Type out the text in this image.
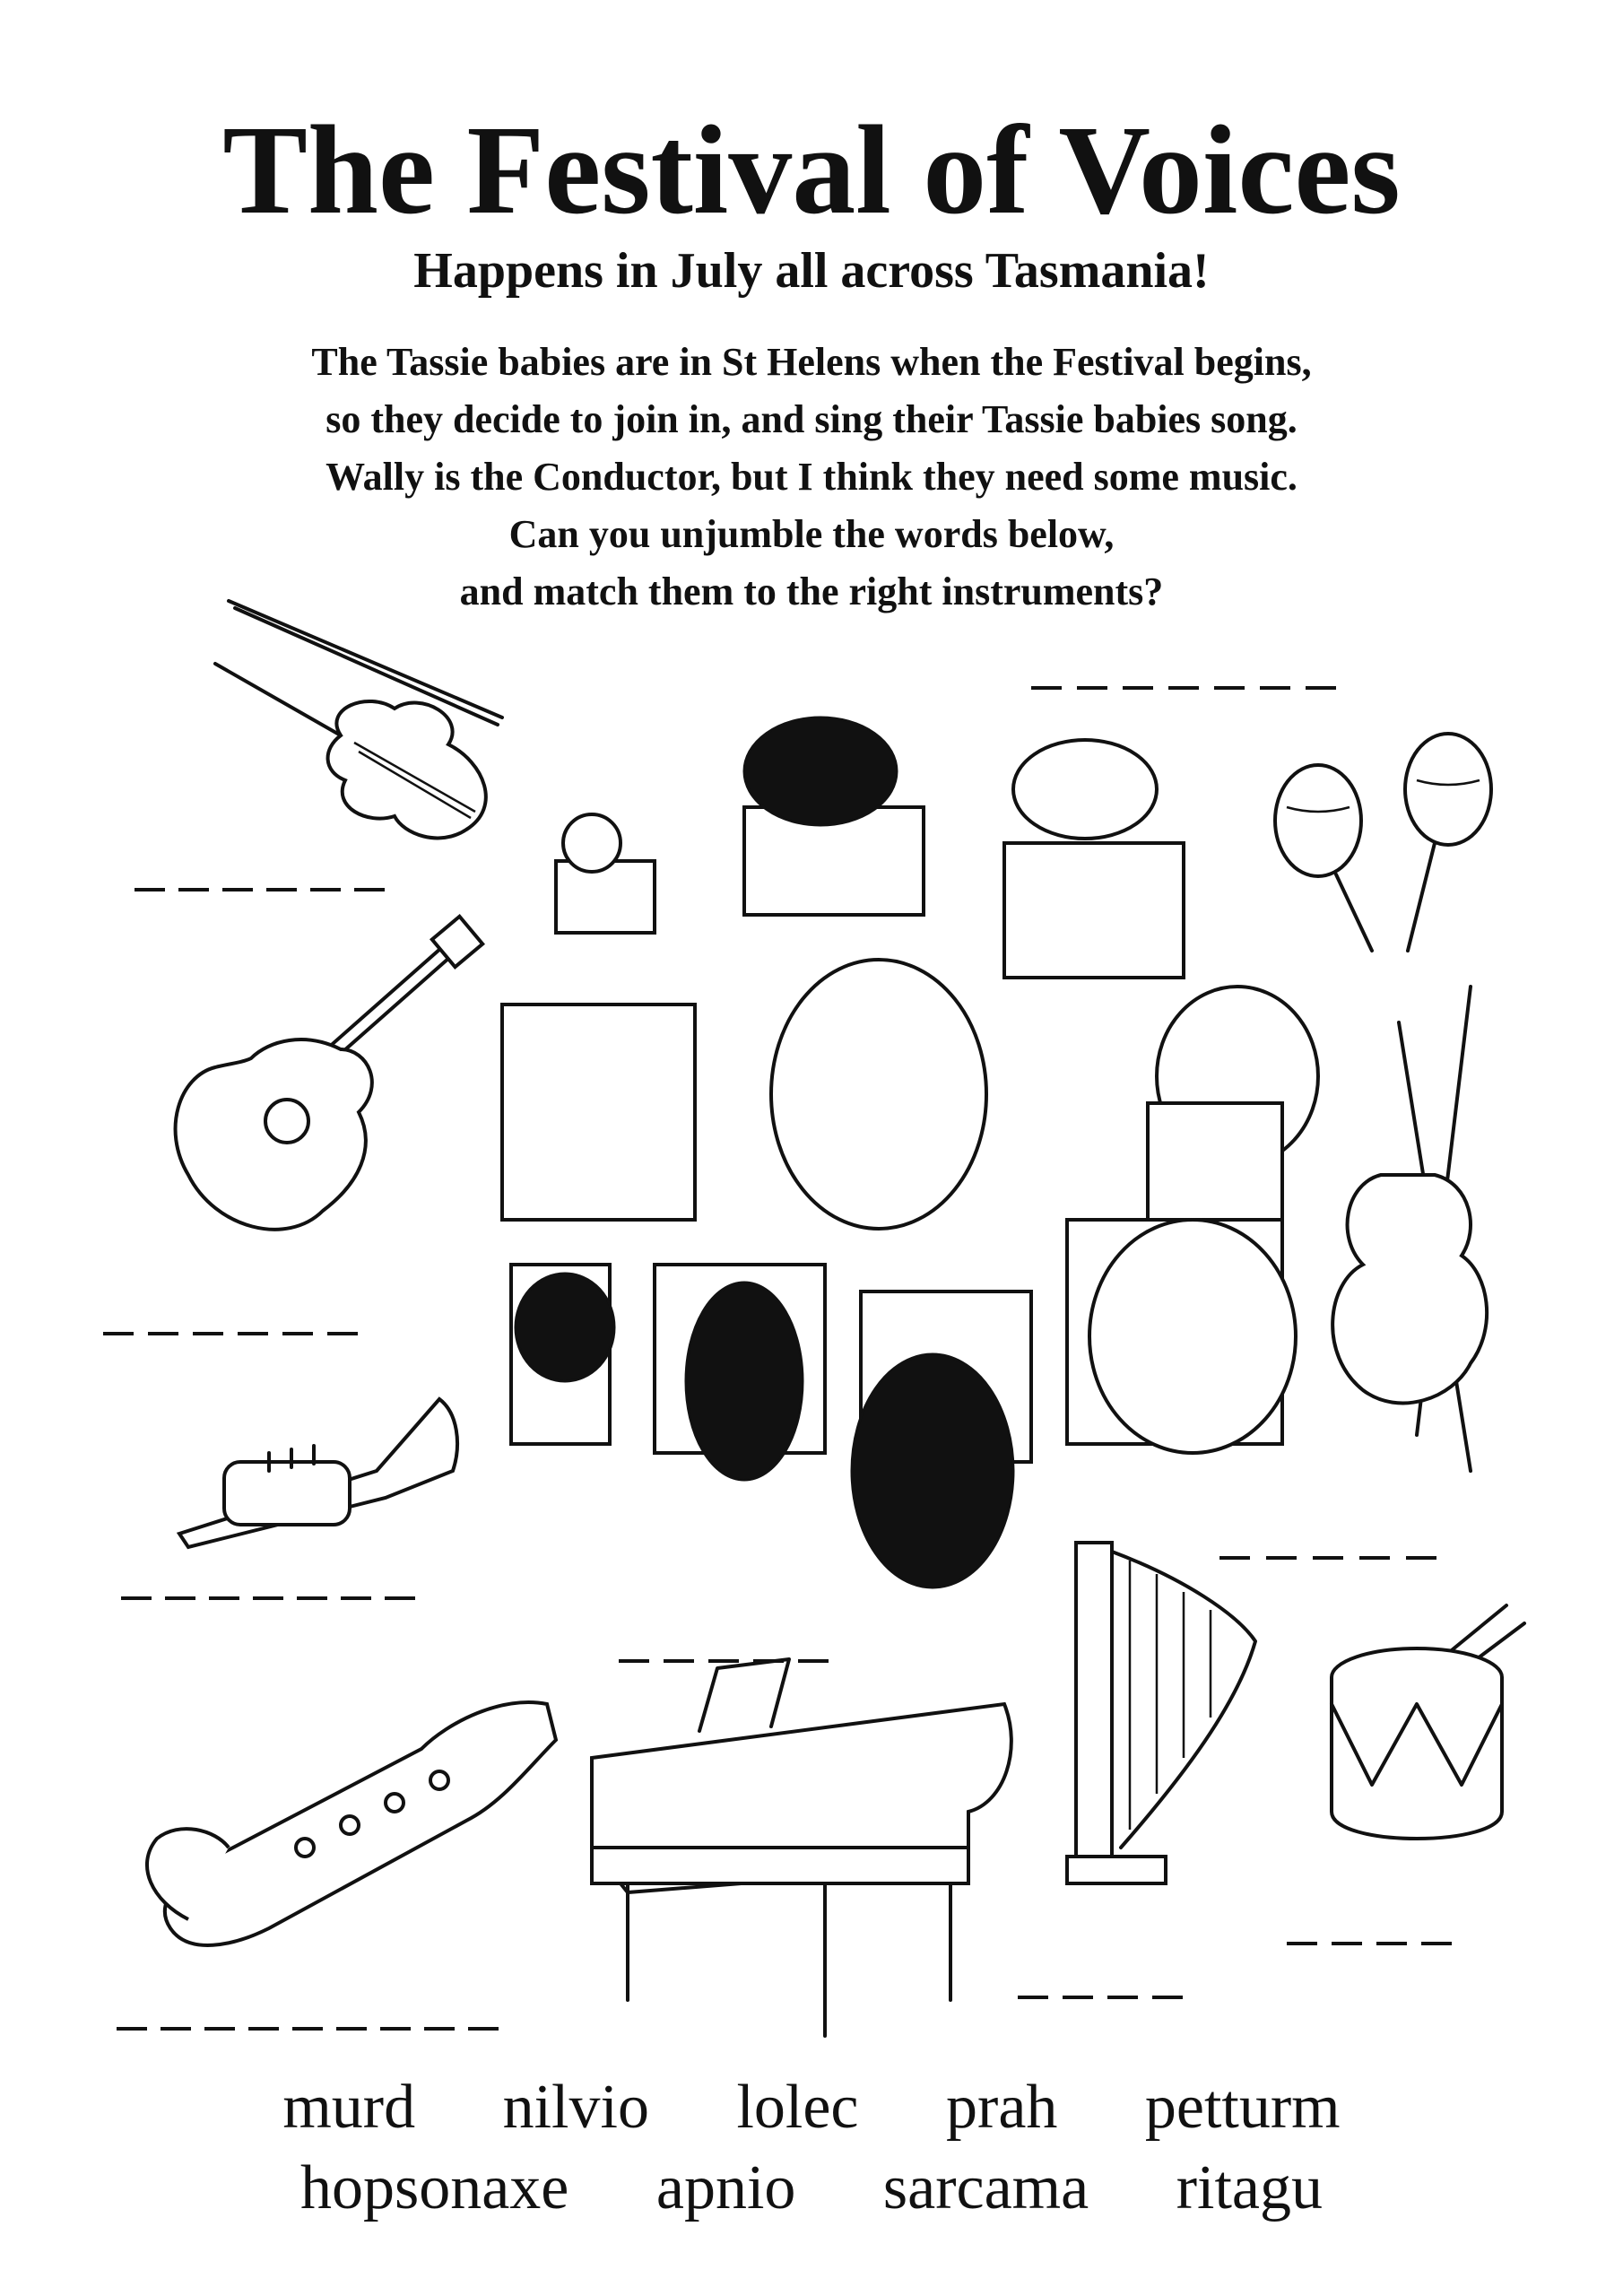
The Festival of Voices
Happens in July all across Tasmania!
The Tassie babies are in St Helens when the Festival begins,
so they decide to join in, and sing their Tassie babies song.
Wally is the Conductor, but I think they need some music.
Can you unjumble the words below,
and match them to the right instruments?
murd nilvio lolec prah petturm
hopsonaxe apnio sarcama ritagu
